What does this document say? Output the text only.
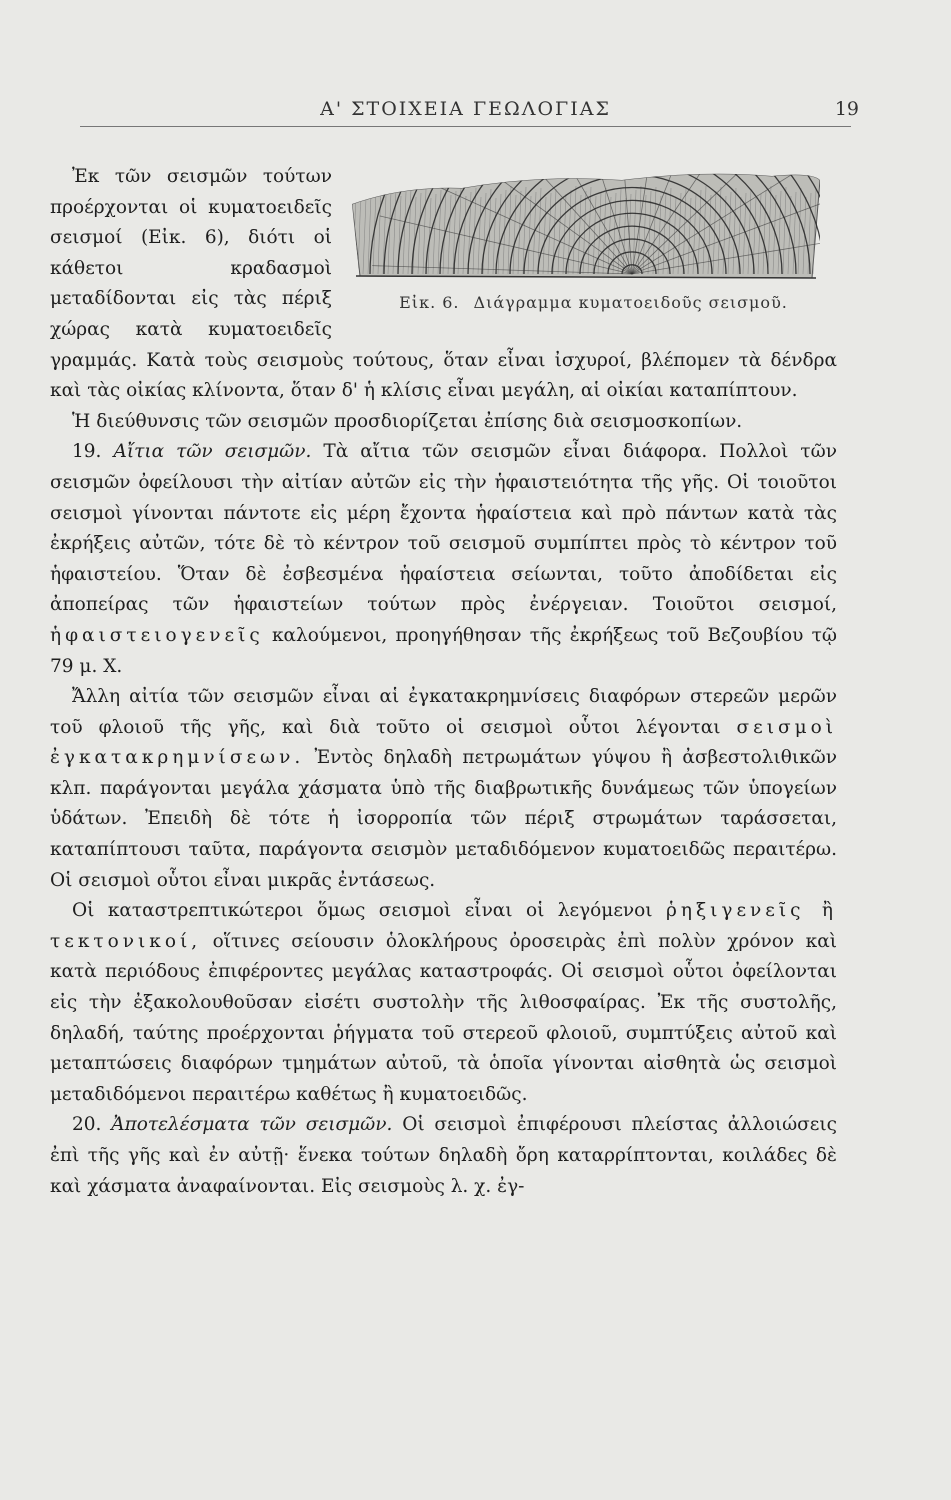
Α' ΣΤΟΙΧΕΙΑ ΓΕΩΛΟΓΙΑΣ	19

Εἰκ. 6. Διάγραμμα κυματοειδοῦς σεισμοῦ.
Ἐκ τῶν σεισμῶν τούτων προέρχονται οἱ κυματοειδεῖς σεισμοί (Εἰκ. 6), διότι οἱ κάθετοι κραδασμοὶ μεταδίδονται εἰς τὰς πέριξ χώρας κατὰ κυματοειδεῖς γραμμάς. Κατὰ τοὺς σεισμοὺς τούτους, ὅταν εἶναι ἰσχυροί, βλέπομεν τὰ δένδρα καὶ τὰς οἰκίας κλίνοντα, ὅταν δ' ἡ κλίσις εἶναι μεγάλη, αἱ οἰκίαι καταπίπτουν.

Ἡ διεύθυνσις τῶν σεισμῶν προσδιορίζεται ἐπίσης διὰ σεισμοσκοπίων.

19. Αἴτια τῶν σεισμῶν. Τὰ αἴτια τῶν σεισμῶν εἶναι διάφορα. Πολλοὶ τῶν σεισμῶν ὀφείλουσι τὴν αἰτίαν αὐτῶν εἰς τὴν ἡφαιστειότητα τῆς γῆς. Οἱ τοιοῦτοι σεισμοὶ γίνονται πάντοτε εἰς μέρη ἔχοντα ἡφαίστεια καὶ πρὸ πάντων κατὰ τὰς ἐκρήξεις αὐτῶν, τότε δὲ τὸ κέντρον τοῦ σεισμοῦ συμπίπτει πρὸς τὸ κέντρον τοῦ ἡφαιστείου. Ὅταν δὲ ἐσβεσμένα ἡφαίστεια σείωνται, τοῦτο ἀποδίδεται εἰς ἀποπείρας τῶν ἡφαιστείων τούτων πρὸς ἐνέργειαν. Τοιοῦτοι σεισμοί, ἡφαιστειογενεῖς καλούμενοι, προηγήθησαν τῆς ἐκρήξεως τοῦ Βεζουβίου τῷ 79 μ. Χ.

Ἄλλη αἰτία τῶν σεισμῶν εἶναι αἱ ἐγκατακρημνίσεις διαφόρων στερεῶν μερῶν τοῦ φλοιοῦ τῆς γῆς, καὶ διὰ τοῦτο οἱ σεισμοὶ οὗτοι λέγονται σεισμοὶ ἐγκατακρημνίσεων. Ἐντὸς δηλαδὴ πετρωμάτων γύψου ἢ ἀσβεστολιθικῶν κλπ. παράγονται μεγάλα χάσματα ὑπὸ τῆς διαβρωτικῆς δυνάμεως τῶν ὑπογείων ὑδάτων. Ἐπειδὴ δὲ τότε ἡ ἰσορροπία τῶν πέριξ στρωμάτων ταράσσεται, καταπίπτουσι ταῦτα, παράγοντα σεισμὸν μεταδιδόμενον κυματοειδῶς περαιτέρω. Οἱ σεισμοὶ οὗτοι εἶναι μικρᾶς ἐντάσεως.

Οἱ καταστρεπτικώτεροι ὅμως σεισμοὶ εἶναι οἱ λεγόμενοι ῥηξιγενεῖς ἢ τεκτονικοί, οἵτινες σείουσιν ὁλοκλήρους ὀροσειρὰς ἐπὶ πολὺν χρόνον καὶ κατὰ περιόδους ἐπιφέροντες μεγάλας καταστροφάς. Οἱ σεισμοὶ οὗτοι ὀφείλονται εἰς τὴν ἐξακολουθοῦσαν εἰσέτι συστολὴν τῆς λιθοσφαίρας. Ἐκ τῆς συστολῆς, δηλαδή, ταύτης προέρχονται ῥήγματα τοῦ στερεοῦ φλοιοῦ, συμπτύξεις αὐτοῦ καὶ μεταπτώσεις διαφόρων τμημάτων αὐτοῦ, τὰ ὁποῖα γίνονται αἰσθητὰ ὡς σεισμοὶ μεταδιδόμενοι περαιτέρω καθέτως ἢ κυματοειδῶς.

20. Ἀποτελέσματα τῶν σεισμῶν. Οἱ σεισμοὶ ἐπιφέρουσι πλείστας ἀλλοιώσεις ἐπὶ τῆς γῆς καὶ ἐν αὐτῇ· ἕνεκα τούτων δηλαδὴ ὄρη καταρρίπτονται, κοιλάδες δὲ καὶ χάσματα ἀναφαίνονται. Εἰς σεισμοὺς λ. χ. ἐγ-
